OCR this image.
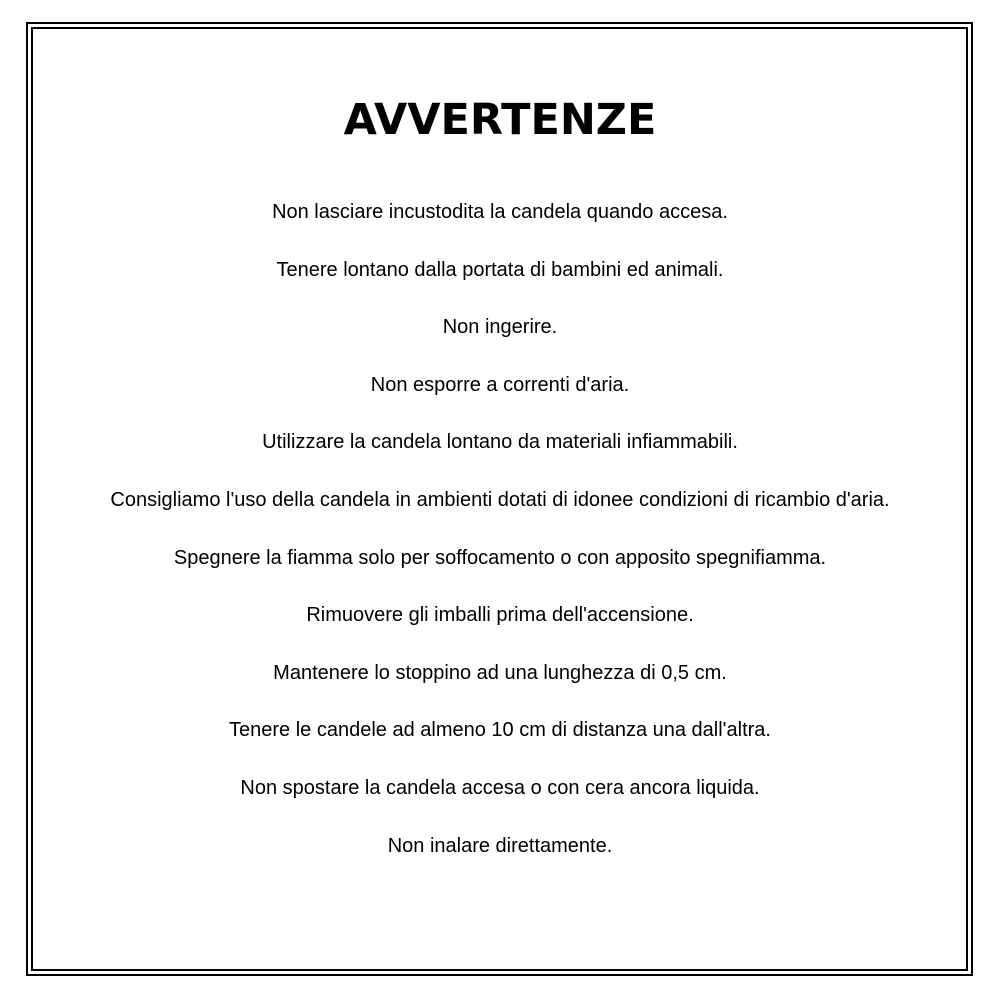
AVVERTENZE
Non lasciare incustodita la candela quando accesa.
Tenere lontano dalla portata di bambini ed animali.
Non ingerire.
Non esporre a correnti d'aria.
Utilizzare la candela lontano da materiali infiammabili.
Consigliamo l'uso della candela in ambienti dotati di idonee condizioni di ricambio d'aria.
Spegnere la fiamma solo per soffocamento o con apposito spegnifiamma.
Rimuovere gli imballi prima dell'accensione.
Mantenere lo stoppino ad una lunghezza di 0,5 cm.
Tenere le candele ad almeno 10 cm di distanza una dall'altra.
Non spostare la candela accesa o con cera ancora liquida.
Non inalare direttamente.
